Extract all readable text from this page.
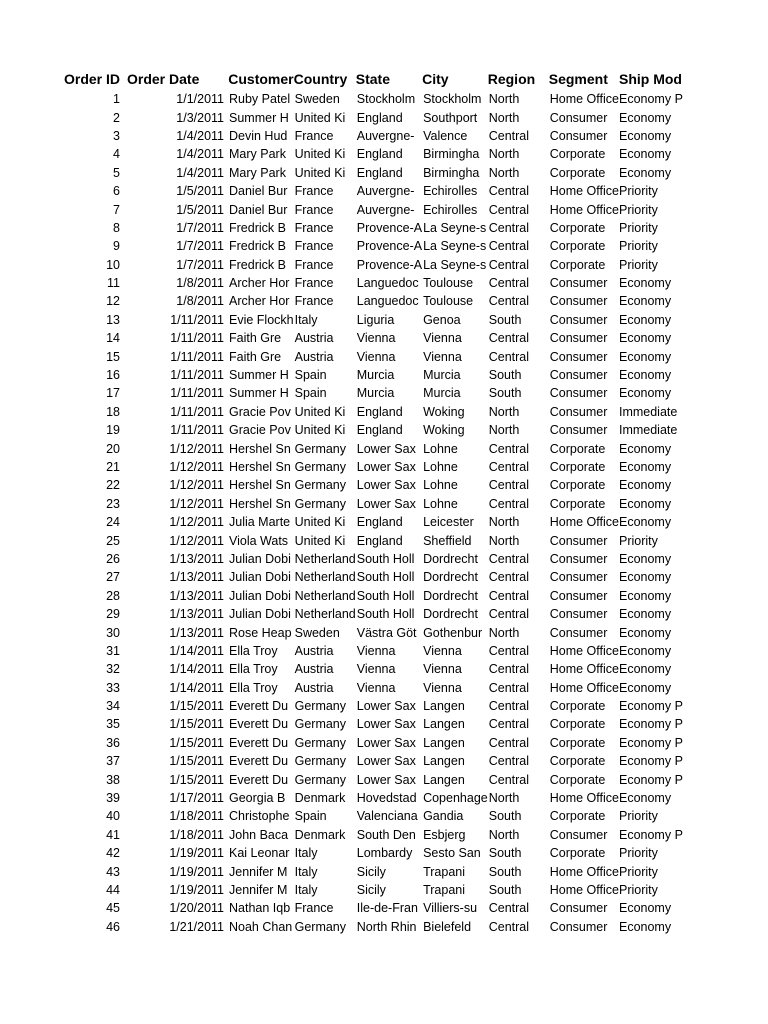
Order ID	Order Date	Customer	Country	State	City	Region	Segment	Ship Mod
1	1/1/2011	Ruby Patel	Sweden	Stockholm	Stockholm	North	Home Office	Economy P
2	1/3/2011	Summer H	United Ki	England	Southport	North	Consumer	Economy
3	1/4/2011	Devin Hud	France	Auvergne-	Valence	Central	Consumer	Economy
4	1/4/2011	Mary Park	United Ki	England	Birmingha	North	Corporate	Economy
5	1/4/2011	Mary Park	United Ki	England	Birmingha	North	Corporate	Economy
6	1/5/2011	Daniel Bur	France	Auvergne-	Echirolles	Central	Home Office	Priority
7	1/5/2011	Daniel Bur	France	Auvergne-	Echirolles	Central	Home Office	Priority
8	1/7/2011	Fredrick B	France	Provence-A	La Seyne-s	Central	Corporate	Priority
9	1/7/2011	Fredrick B	France	Provence-A	La Seyne-s	Central	Corporate	Priority
10	1/7/2011	Fredrick B	France	Provence-A	La Seyne-s	Central	Corporate	Priority
11	1/8/2011	Archer Hor	France	Languedoc	Toulouse	Central	Consumer	Economy
12	1/8/2011	Archer Hor	France	Languedoc	Toulouse	Central	Consumer	Economy
13	1/11/2011	Evie Flockh	Italy	Liguria	Genoa	South	Consumer	Economy
14	1/11/2011	Faith Gre	Austria	Vienna	Vienna	Central	Consumer	Economy
15	1/11/2011	Faith Gre	Austria	Vienna	Vienna	Central	Consumer	Economy
16	1/11/2011	Summer H	Spain	Murcia	Murcia	South	Consumer	Economy
17	1/11/2011	Summer H	Spain	Murcia	Murcia	South	Consumer	Economy
18	1/11/2011	Gracie Pov	United Ki	England	Woking	North	Consumer	Immediate
19	1/11/2011	Gracie Pov	United Ki	England	Woking	North	Consumer	Immediate
20	1/12/2011	Hershel Sn	Germany	Lower Sax	Lohne	Central	Corporate	Economy
21	1/12/2011	Hershel Sn	Germany	Lower Sax	Lohne	Central	Corporate	Economy
22	1/12/2011	Hershel Sn	Germany	Lower Sax	Lohne	Central	Corporate	Economy
23	1/12/2011	Hershel Sn	Germany	Lower Sax	Lohne	Central	Corporate	Economy
24	1/12/2011	Julia Marte	United Ki	England	Leicester	North	Home Office	Economy
25	1/12/2011	Viola Wats	United Ki	England	Sheffield	North	Consumer	Priority
26	1/13/2011	Julian Dobi	Netherland	South Holl	Dordrecht	Central	Consumer	Economy
27	1/13/2011	Julian Dobi	Netherland	South Holl	Dordrecht	Central	Consumer	Economy
28	1/13/2011	Julian Dobi	Netherland	South Holl	Dordrecht	Central	Consumer	Economy
29	1/13/2011	Julian Dobi	Netherland	South Holl	Dordrecht	Central	Consumer	Economy
30	1/13/2011	Rose Heap	Sweden	Västra Göt	Gothenbur	North	Consumer	Economy
31	1/14/2011	Ella Troy	Austria	Vienna	Vienna	Central	Home Office	Economy
32	1/14/2011	Ella Troy	Austria	Vienna	Vienna	Central	Home Office	Economy
33	1/14/2011	Ella Troy	Austria	Vienna	Vienna	Central	Home Office	Economy
34	1/15/2011	Everett Du	Germany	Lower Sax	Langen	Central	Corporate	Economy P
35	1/15/2011	Everett Du	Germany	Lower Sax	Langen	Central	Corporate	Economy P
36	1/15/2011	Everett Du	Germany	Lower Sax	Langen	Central	Corporate	Economy P
37	1/15/2011	Everett Du	Germany	Lower Sax	Langen	Central	Corporate	Economy P
38	1/15/2011	Everett Du	Germany	Lower Sax	Langen	Central	Corporate	Economy P
39	1/17/2011	Georgia B	Denmark	Hovedstad	Copenhage	North	Home Office	Economy
40	1/18/2011	Christophe	Spain	Valenciana	Gandia	South	Corporate	Priority
41	1/18/2011	John Baca	Denmark	South Den	Esbjerg	North	Consumer	Economy P
42	1/19/2011	Kai Leonar	Italy	Lombardy	Sesto San	South	Corporate	Priority
43	1/19/2011	Jennifer M	Italy	Sicily	Trapani	South	Home Office	Priority
44	1/19/2011	Jennifer M	Italy	Sicily	Trapani	South	Home Office	Priority
45	1/20/2011	Nathan Iqb	France	Ile-de-Fran	Villiers-su	Central	Consumer	Economy
46	1/21/2011	Noah Chan	Germany	North Rhin	Bielefeld	Central	Consumer	Economy
